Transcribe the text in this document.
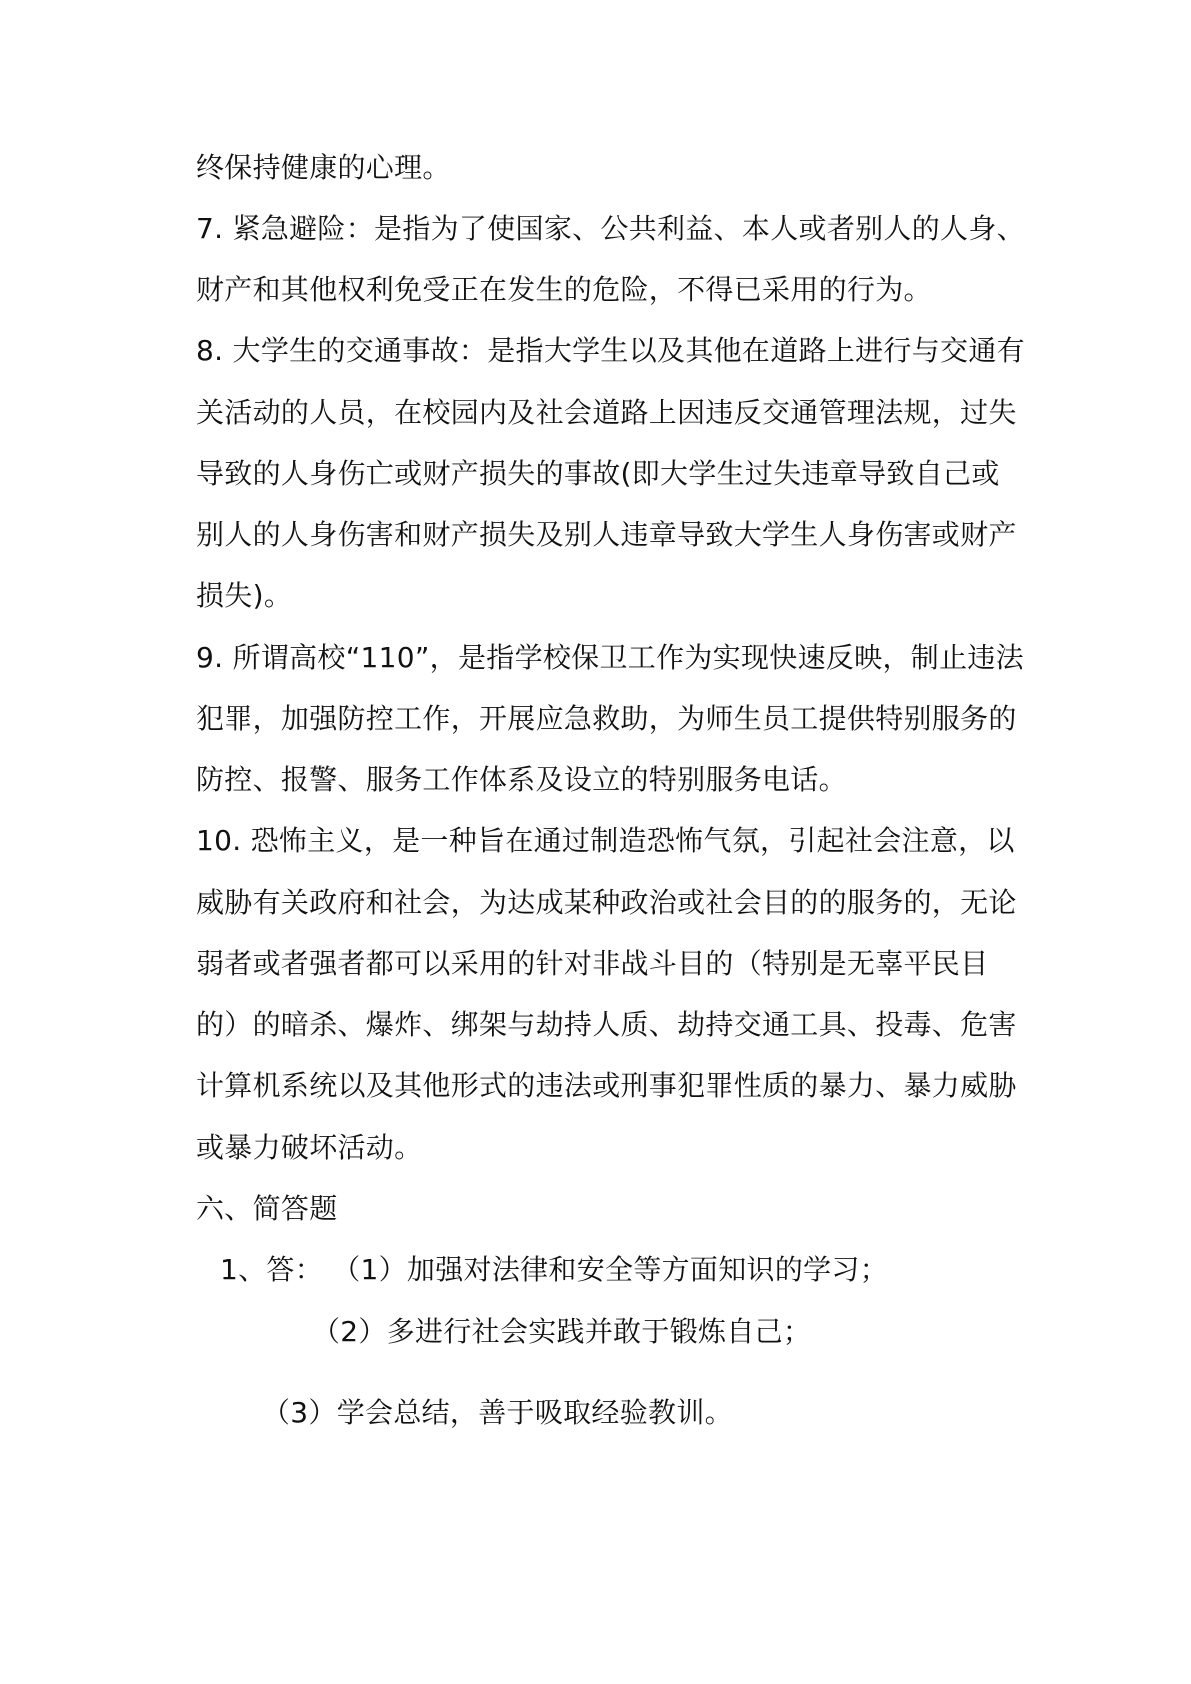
终保持健康的心理。
7. 紧急避险：是指为了使国家、公共利益、本人或者别人的人身、
财产和其他权利免受正在发生的危险，不得已采用的行为。
8. 大学生的交通事故：是指大学生以及其他在道路上进行与交通有
关活动的人员，在校园内及社会道路上因违反交通管理法规，过失
导致的人身伤亡或财产损失的事故(即大学生过失违章导致自己或
别人的人身伤害和财产损失及别人违章导致大学生人身伤害或财产
损失)。
9. 所谓高校“110”，是指学校保卫工作为实现快速反映，制止违法
犯罪，加强防控工作，开展应急救助，为师生员工提供特别服务的
防控、报警、服务工作体系及设立的特别服务电话。
10. 恐怖主义，是一种旨在通过制造恐怖气氛，引起社会注意，以
威胁有关政府和社会，为达成某种政治或社会目的的服务的，无论
弱者或者强者都可以采用的针对非战斗目的（特别是无辜平民目
的）的暗杀、爆炸、绑架与劫持人质、劫持交通工具、投毒、危害
计算机系统以及其他形式的违法或刑事犯罪性质的暴力、暴力威胁
或暴力破坏活动。
六、简答题
1、答： （1）加强对法律和安全等方面知识的学习；
（2）多进行社会实践并敢于锻炼自己；
（3）学会总结，善于吸取经验教训。
